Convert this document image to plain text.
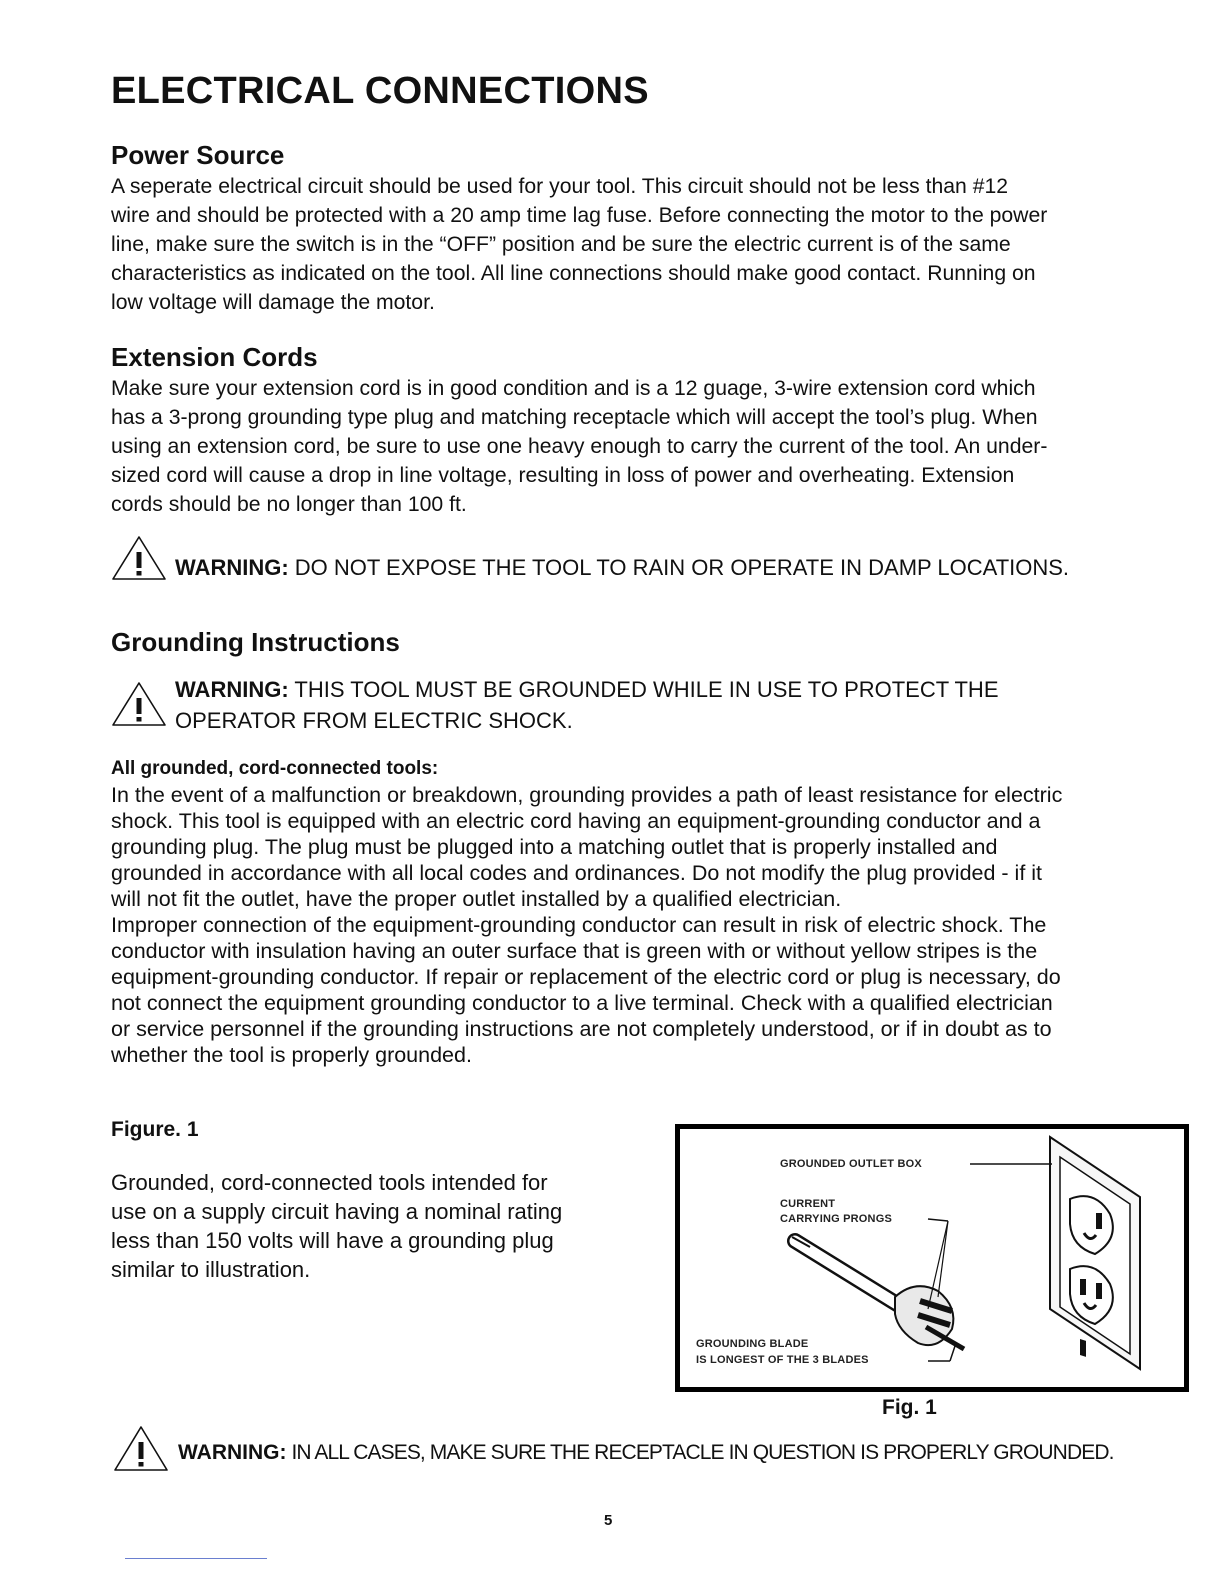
ELECTRICAL CONNECTIONS
Power Source
A seperate electrical circuit should be used for your tool. This circuit should not be less than #12
wire and should be protected with a 20 amp time lag fuse. Before connecting the motor to the power
line, make sure the switch is in the “OFF” position and be sure the electric current is of the same
characteristics as indicated on the tool. All line connections should make good contact. Running on
low voltage will damage the motor.
Extension Cords
Make sure your extension cord is in good condition and is a 12 guage, 3-wire extension cord which
has a 3-prong grounding type plug and matching receptacle which will accept the tool’s plug. When
using an extension cord, be sure to use one heavy enough to carry the current of the tool. An under-
sized cord will cause a drop in line voltage, resulting in loss of power and overheating. Extension
cords should be no longer than 100 ft.
WARNING: DO NOT EXPOSE THE TOOL TO RAIN OR OPERATE IN DAMP LOCATIONS.
Grounding Instructions
WARNING: THIS TOOL MUST BE GROUNDED WHILE IN USE TO PROTECT THE
OPERATOR FROM ELECTRIC SHOCK.
All grounded, cord-connected tools:
In the event of a malfunction or breakdown, grounding provides a path of least resistance for electric
shock. This tool is equipped with an electric cord having an equipment-grounding conductor and a
grounding plug. The plug must be plugged into a matching outlet that is properly installed and
grounded in accordance with all local codes and ordinances. Do not modify the plug provided - if it
will not fit the outlet, have the proper outlet installed by a qualified electrician.
Improper connection of the equipment-grounding conductor can result in risk of electric shock. The
conductor with insulation having an outer surface that is green with or without yellow stripes is the
equipment-grounding conductor. If repair or replacement of the electric cord or plug is necessary, do
not connect the equipment grounding conductor to a live terminal. Check with a qualified electrician
or service personnel if the grounding instructions are not completely understood, or if in doubt as to
whether the tool is properly grounded.
Figure. 1
Grounded, cord-connected tools intended for
use on a supply circuit having a nominal rating
less than 150 volts will have a grounding plug
similar to illustration.
GROUNDED OUTLET BOX
CURRENT
CARRYING PRONGS
GROUNDING BLADE
IS LONGEST OF THE 3 BLADES
Fig. 1
WARNING: IN ALL CASES, MAKE SURE THE RECEPTACLE IN QUESTION IS PROPERLY GROUNDED.
5
